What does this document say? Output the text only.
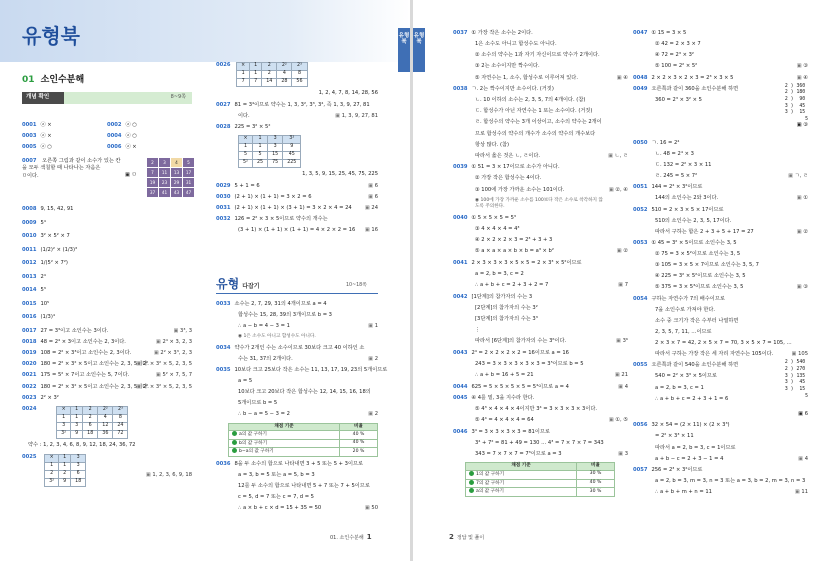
유형북	유형북
01 소인수분해
개념 확인	8~9쪽
0001 ⓐ ×	0002 ⓐ ○
0003 ⓐ ×	0004 ⓐ ○
0005 ⓐ ○	0006 ⓐ ×
0007 오른쪽 그림과 같이 소수가 있는 칸
을 모두 색칠할 때 나타나는 자음은
ㅁ이다.	▣ ㅁ
0008 9, 15, 42, 91
0009 5⁴
0010 3² × 5² × 7
0011 (1/2)² × (1/3)³
0012 1/(5² × 7²)
0013 2⁴
0014 5³
0015 10⁵
0016 (1/3)⁴
0017 27 = 3³이고 소인수는 3이다.	▣ 3³, 3
0018 48 = 2⁴ × 3이고 소인수는 2, 3이다.	▣ 2⁴ × 3, 2, 3
0019 108 = 2² × 3³이고 소인수는 2, 3이다.	▣ 2² × 3³, 2, 3
0020 180 = 2² × 3² × 5이고 소인수는 2, 3, 5이다.
▣ 2² × 3² × 5, 2, 3, 5
0021 175 = 5² × 7이고 소인수는 5, 7이다.	▣ 5² × 7, 5, 7
0022 180 = 2² × 3² × 5이고 소인수는 2, 3, 5이다.
▣ 2² × 3² × 5, 2, 3, 5
0023 2² × 3²
0024	×	1	2	2²	2³
1	1	2	4	8
3	3	6	12	24
3²	9	18	36	72
약수 : 1, 2, 3, 4, 6, 8, 9, 12, 18, 24, 36, 72
0025	×	1	3
1	1	3
2	2	6
3²	9	18
▣ 1, 2, 3, 6, 9, 18
2	3	4	5
7	11	13	17
19	23	29	31
37	41	43	47
0026 ×	1	2	2²	2³
1	1	2	4	8
7	7	14	28	56
1, 2, 4, 7, 8, 14, 28, 56
0027 81 = 3⁴이므로 약수는 1, 3, 3², 3³, 3⁴, 즉 1, 3, 9, 27, 81
이다.	▣ 1, 3, 9, 27, 81
0028 225 = 3² × 5²
×	1	3	3²
1	1	3	9
5	5	15	45
5²	25	75	225
1, 3, 5, 9, 15, 25, 45, 75, 225
0029 5 + 1 = 6	▣ 6
0030 (2 + 1) × (1 + 1) = 3 × 2 = 6	▣ 6
0031 (2 + 1) × (1 + 1) × (3 + 1) = 3 × 2 × 4 = 24	▣ 24
0032 126 = 2² × 3 × 5이므로 약수의 개수는
(3 + 1) × (1 + 1) × (1 + 1) = 4 × 2 × 2 = 16	▣ 16
유형 다잡기	10~18쪽
0033 소수는 2, 7, 29, 31의 4개이므로 a = 4
합성수는 15, 28, 39의 3개이므로 b = 3
∴ a − b = 4 − 3 = 1	▣ 1
◉ 1은 소수도 아니고 합성수도 아니다.
0034 약수가 2개인 수는 소수이므로 30보다 크고 40 이하인 소
수는 31, 37의 2개이다.	▣ 2
0035 10보다 크고 25보다 작은 소수는 11, 13, 17, 19, 23의 5개이므로
a = 5
10보다 크고 20보다 작은 합성수는 12, 14, 15, 16, 18의
5개이므로 b = 5
∴ b − a = 5 − 3 = 2	▣ 2
채점 기준	비율
a의 값 구하기	40 %
b의 값 구하기	40 %
b−a의 값 구하기	20 %
0036 8을 두 소수의 합으로 나타내면 3 + 5 또는 5 + 3이므로
a = 3, b = 5 또는 a = 5, b = 3
12를 두 소수의 합으로 나타내면 5 + 7 또는 7 + 5이므로
c = 5, d = 7 또는 c = 7, d = 5
∴ a × b + c × d = 15 + 35 = 50	▣ 50
01. 소인수분해 1
유형북
0037 ① 가장 작은 소수는 2이다.
1은 소수도 아니고 합성수도 아니다.
② 소수의 약수는 1과 자기 자신이므로 약수가 2개이다.
③ 2는 소수이지만 짝수이다.
⑤ 자연수는 1, 소수, 합성수로 이루어져 있다.	▣ ④
0038 ㄱ. 2는 짝수이지만 소수이다. (거짓)
ㄴ. 10 이하의 소수는 2, 3, 5, 7의 4개이다. (참)
ㄷ. 합성수가 아닌 자연수는 1 또는 소수이다. (거짓)
ㄹ. 합성수의 약수는 3개 이상이고, 소수의 약수는 2개이
므로 합성수의 약수의 개수가 소수의 약수의 개수보다
항상 많다. (참)
따라서 옳은 것은 ㄴ, ㄹ이다.	▣ ㄴ, ㄹ
0039 ① 51 = 3 × 17이므로 소수가 아니다.
② 가장 작은 합성수는 4이다.
③ 100에 가장 가까운 소수는 101이다.	▣ ②, ④
◉ 100에 가장 가까운 소수를 100보다 작은 소수로 착각하지 않도록 주의한다.
0040 ① 5 × 5 × 5 = 5³
③ 4 × 4 × 4 = 4³
④ 2 × 2 × 2 × 3 = 2³ + 3 + 3
⑤ a × a × a × b × b = a³ × b²	▣ ②
0041 2 × 3 × 3 × 3 × 5 × 5 = 2 × 3³ × 5²이므로
a = 2, b = 3, c = 2
∴ a + b + c = 2 + 3 + 2 = 7	▣ 7
0042 [1단계]의 참가자의 수는 3
[2단계]의 참가자의 수는 3²
[3단계]의 참가자의 수는 3³
⋮
따라서 [6단계]의 참가자의 수는 3⁶이다.	▣ 3⁶
0043 2⁴ = 2 × 2 × 2 × 2 = 16이므로 a = 16
243 = 3 × 3 × 3 × 3 × 3 = 3⁵이므로 b = 5
∴ a + b = 16 + 5 = 21	▣ 21
0044 625 = 5 × 5 × 5 × 5 = 5⁴이므로 a = 4	▣ 4
0045 ④ 4를 밑, 3을 지수라 한다.
⑤ 4³ × 4 × 4 × 4이지만 3⁴ = 3 × 3 × 3 × 3이다.
⑤ 4⁴ = 4 × 4 × 4 = 64	▣ ①, ⑤
0046 3⁴ = 3 × 3 × 3 × 3 = 81이므로
3⁴ + 7² = 81 + 49 = 130 … 4³ = 7 × 7 × 7 = 343
343 = 7 × 7 × 7 = 7³이므로 a = 3	▣ 3
채점 기준	비율
1의 값 구하기	30 %
7의 값 구하기	40 %
a의 값 구하기	30 %
0047 ① 15 = 3 × 5
② 42 = 2 × 3 × 7
④ 72 = 2³ × 3²
⑤ 100 = 2² × 5²	▣ ③
0048 2 × 2 × 3 × 2 × 3 = 2³ × 3 × 5	▣ ④
0049 오른쪽과 같이 360을 소인수분해 하면
360 = 2³ × 3² × 5
2 ) 360
2 ) 180
2 )  90
3 )  45
3 )  15
5
▣ ③
0050 ㄱ. 16 = 2⁴
ㄴ. 48 = 2⁴ × 3
ㄷ. 132 = 2² × 3 × 11
ㄹ. 245 = 5 × 7²	▣ ㄱ, ㄹ
0051 144 = 2⁴ × 3²이므로
144의 소인수는 2와 3이다.	▣ ①
0052 510 = 2 × 3 × 5 × 17이므로
510의 소인수는 2, 3, 5, 17이다.
따라서 구하는 합은 2 + 3 + 5 + 17 = 27	▣ ②
0053 ① 45 = 3² × 5이므로 소인수는 3, 5
② 75 = 3 × 5²이므로 소인수는 3, 5
③ 105 = 3 × 5 × 7이므로 소인수는 3, 5, 7
④ 225 = 3² × 5²이므로 소인수는 3, 5
⑤ 375 = 3 × 5³이므로 소인수는 3, 5	▣ ③
0054 구하는 자연수가 7의 배수이므로
7을 소인수로 가져야 한다.
소수 중 크기가 작은 수부터 나열하면
2, 3, 5, 7, 11, …이므로
2 × 3 × 7 = 42, 2 × 5 × 7 = 70, 3 × 5 × 7 = 105, …
따라서 구하는 가장 작은 세 자리 자연수는 105이다.	▣ 105
0055 오른쪽과 같이 540을 소인수분해 하면
540 = 2² × 3³ × 5이므로
a = 2, b = 3, c = 1
∴ a + b + c = 2 + 3 + 1 = 6
2 ) 540
2 ) 270
3 ) 135
3 )  45
3 )  15
5
▣ 6
0056 32 × 54 = (2 × 11) × (2 × 3³)
= 2² × 3³ × 11
따라서 a = 2, b = 3, c = 1이므로
a + b − c = 2 + 3 − 1 = 4	▣ 4
0057 256 = 2³ × 3²이므로
a = 2, b = 3, m = 3, n = 3 또는 a = 3, b = 2, m = 3, n = 3
∴ a + b + m + n = 11	▣ 11
2 정답 및 풀이
